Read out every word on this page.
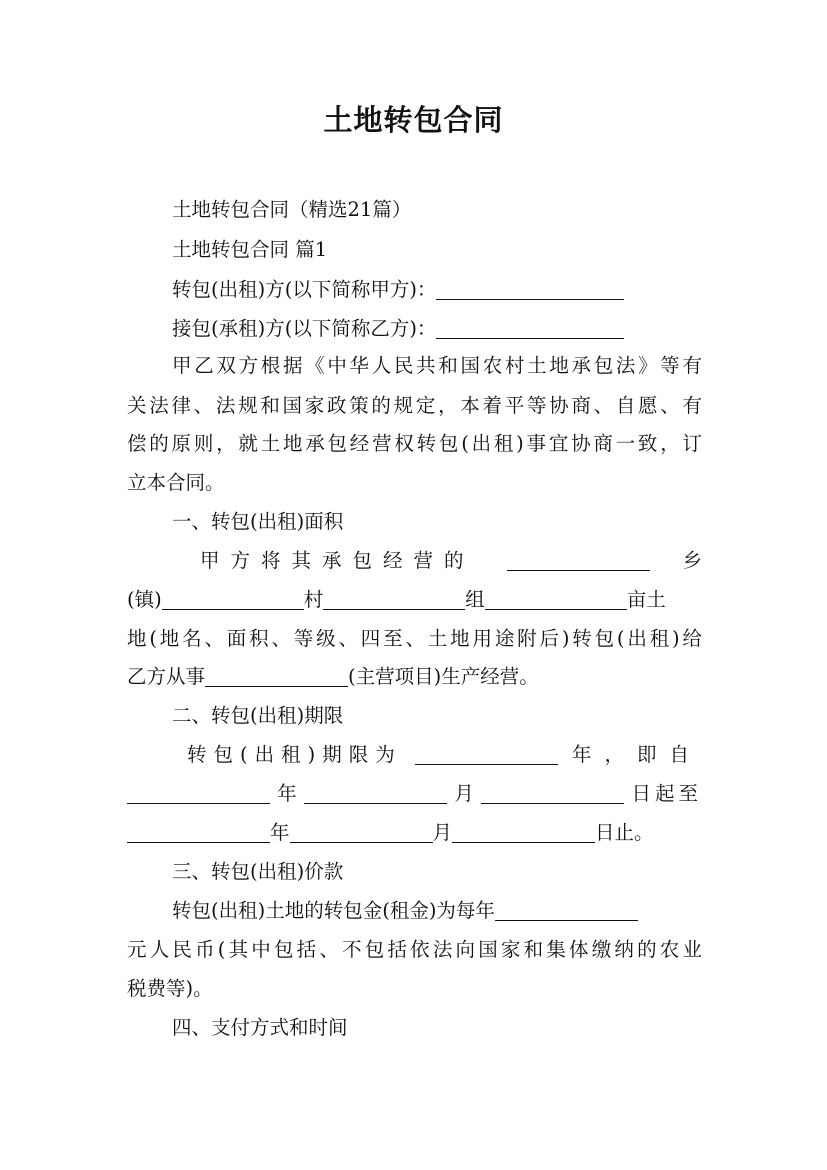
土地转包合同
土地转包合同（精选21篇）
土地转包合同 篇1
转包(出租)方(以下简称甲方)：
接包(承租)方(以下简称乙方)：
甲乙双方根据《中华人民共和国农村土地承包法》等有
关法律、法规和国家政策的规定，本着平等协商、自愿、有
偿的原则，就土地承包经营权转包(出租)事宜协商一致，订
立本合同。
一、转包(出租)面积
甲方将其承包经营的	乡
(镇)	村	组	亩土
地(地名、面积、等级、四至、土地用途附后)转包(出租)给
乙方从事	(主营项目)生产经营。
二、转包(出租)期限
转包(出租)期限为	年，即自
年	月	日起至
年	月	日止。
三、转包(出租)价款
转包(出租)土地的转包金(租金)为每年
元人民币(其中包括、不包括依法向国家和集体缴纳的农业
税费等)。
四、支付方式和时间
